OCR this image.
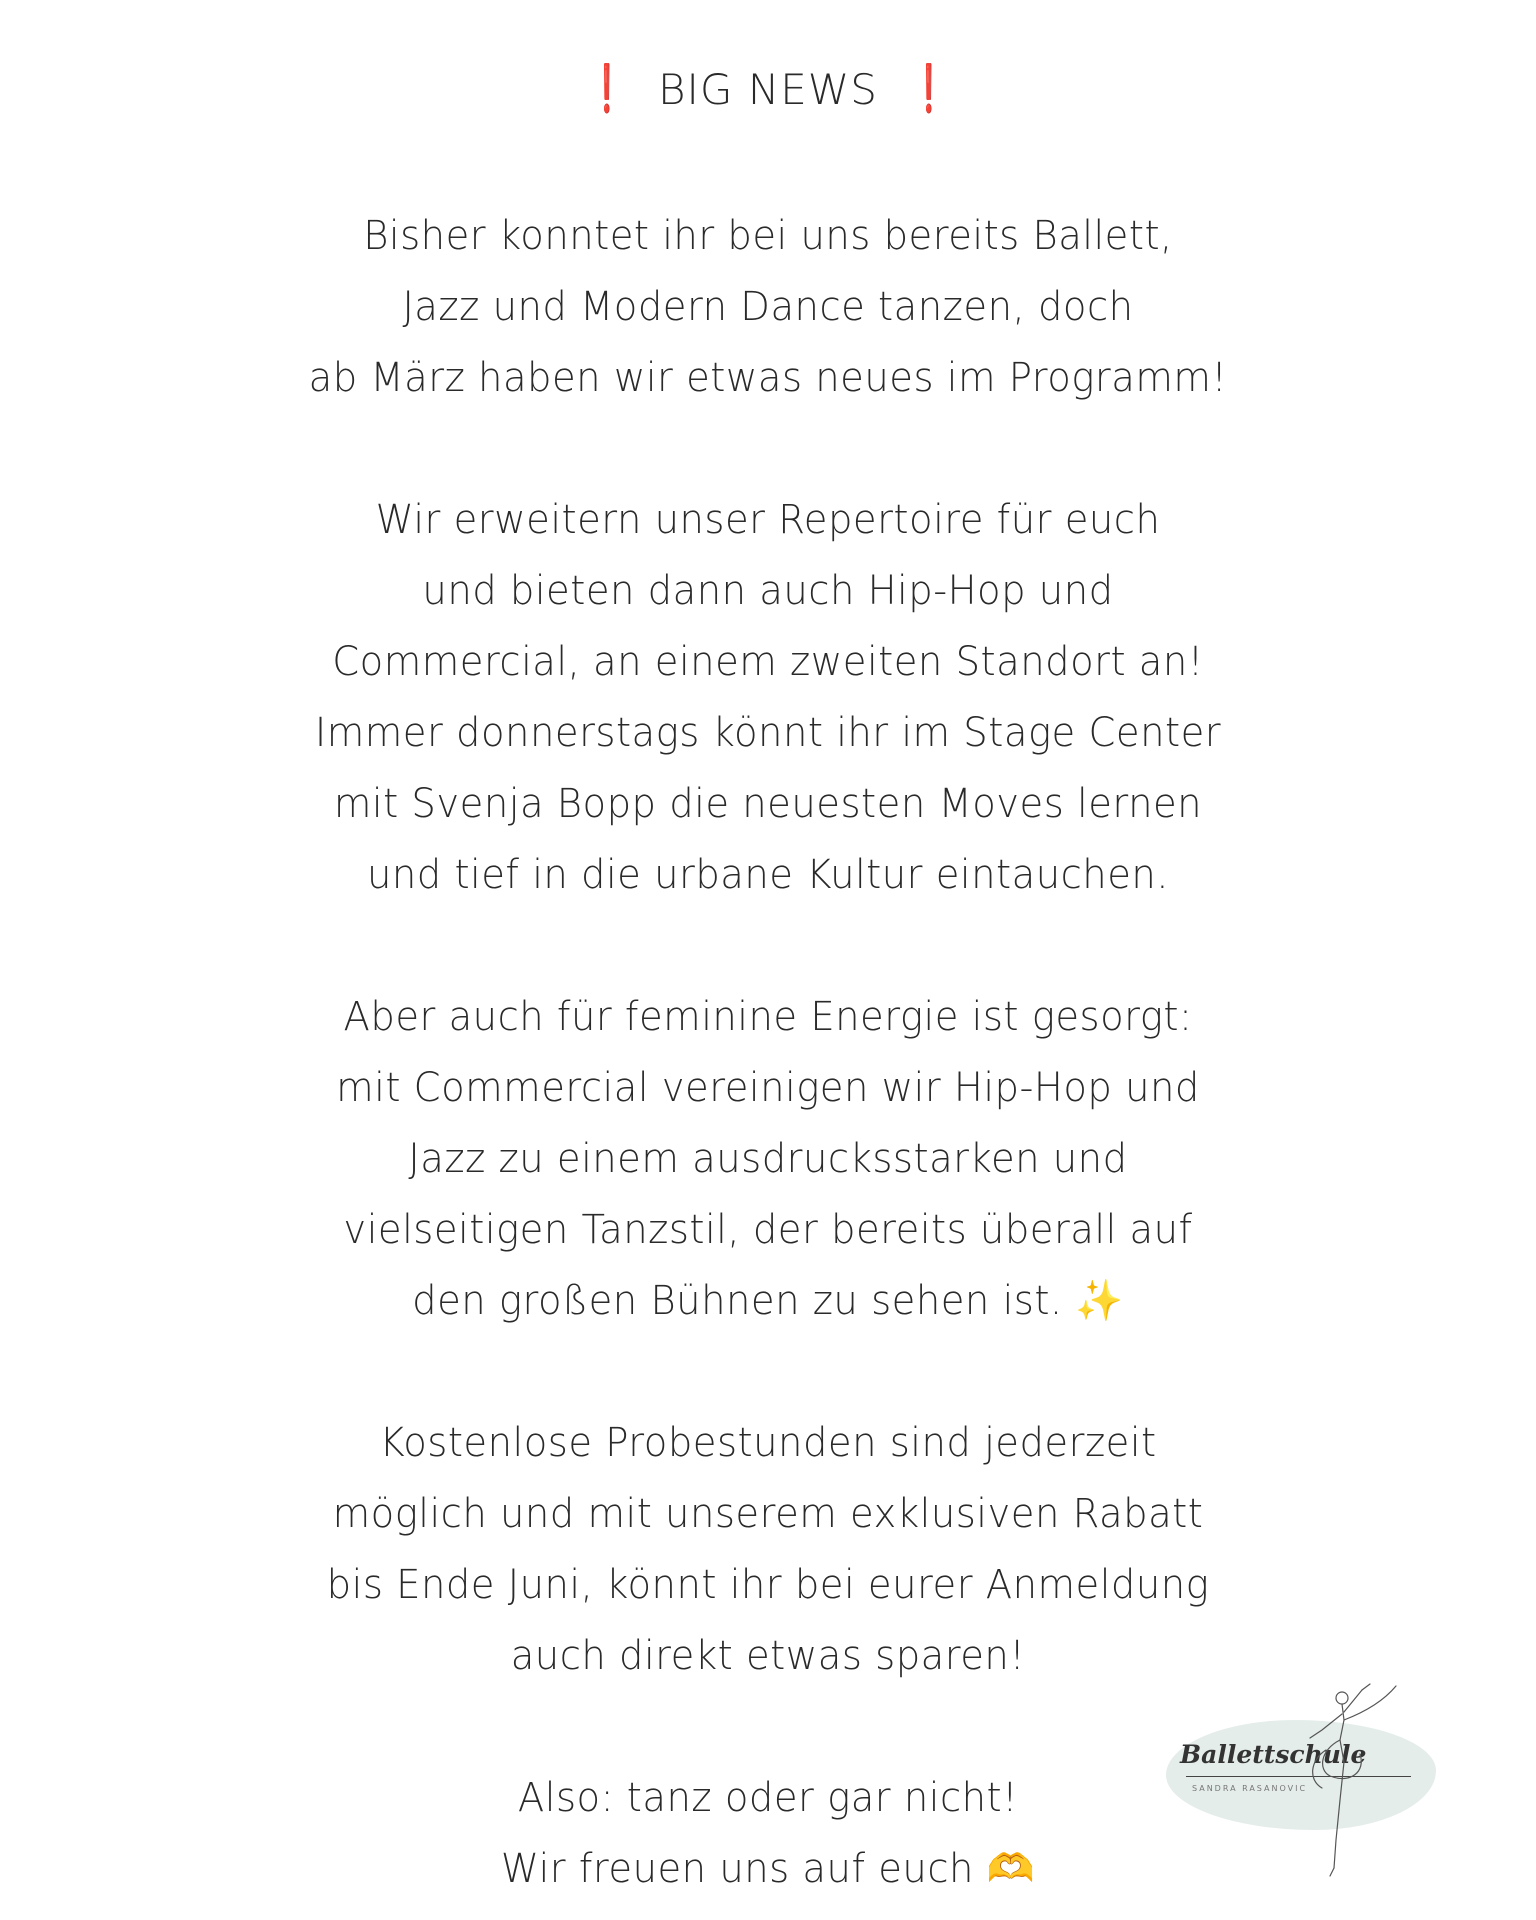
❗ BIG NEWS ❗
Bisher konntet ihr bei uns bereits Ballett,
Jazz und Modern Dance tanzen, doch
ab März haben wir etwas neues im Programm!
Wir erweitern unser Repertoire für euch
und bieten dann auch Hip-Hop und
Commercial, an einem zweiten Standort an!
Immer donnerstags könnt ihr im Stage Center
mit Svenja Bopp die neuesten Moves lernen
und tief in die urbane Kultur eintauchen.
Aber auch für feminine Energie ist gesorgt:
mit Commercial vereinigen wir Hip-Hop und
Jazz zu einem ausdrucksstarken und
vielseitigen Tanzstil, der bereits überall auf
den großen Bühnen zu sehen ist. ✨
Kostenlose Probestunden sind jederzeit
möglich und mit unserem exklusiven Rabatt
bis Ende Juni, könnt ihr bei eurer Anmeldung
auch direkt etwas sparen!
Also: tanz oder gar nicht!
Wir freuen uns auf euch 🫶
Ballettschule
SANDRA RASANOVIC
